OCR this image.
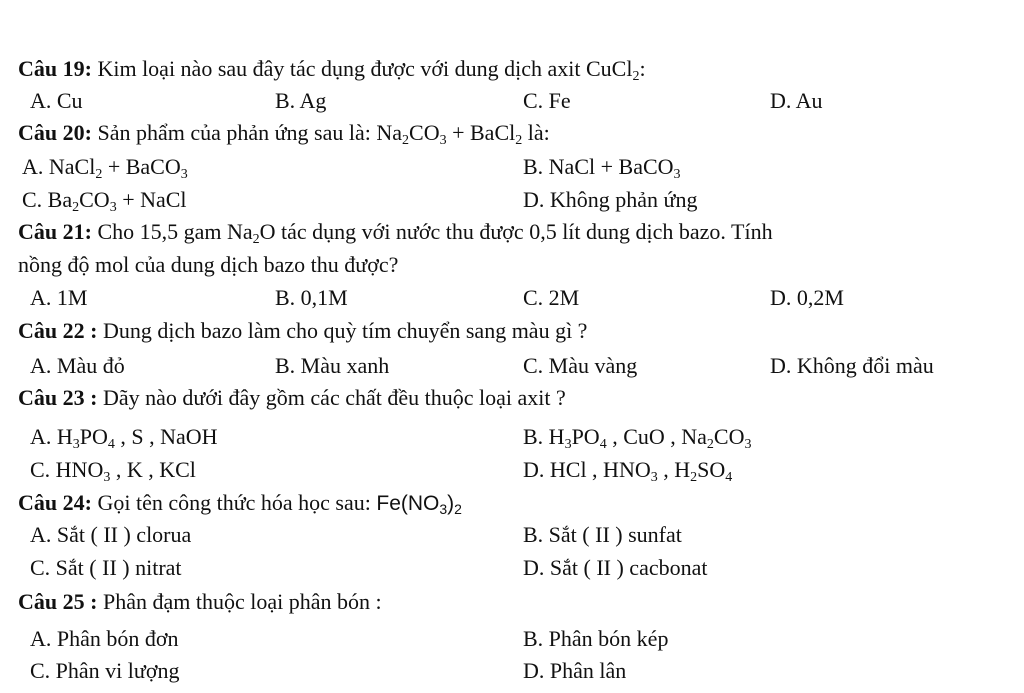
Câu 19: Kim loại nào sau đây tác dụng được với dung dịch axit CuCl$_2$:
A. Cu	B. Ag	C. Fe	D. Au
Câu 20: Sản phẩm của phản ứng sau là: $Na_2CO_3$ + BaCl$_2$ là:
A. NaCl$_2$ + BaCO$_3$	B. NaCl + BaCO$_3$
C. $Ba_2CO_3$ + NaCl	D. Không phản ứng
Câu 21: Cho 15,5 gam $Na_2O$ tác dụng với nước thu được 0,5 lít dung dịch bazo. Tính
nồng độ mol của dung dịch bazo thu được?
A. 1M	B. 0,1M	C. 2M	D. 0,2M
Câu 22 : Dung dịch bazo làm cho quỳ tím chuyển sang màu gì ?
A. Màu đỏ	B. Màu xanh	C. Màu vàng	D. Không đổi màu
Câu 23 : Dãy nào dưới đây gồm các chất đều thuộc loại axit ?
A. $H_3PO_4$ , S , NaOH	B. $H_3PO_4$ , CuO , $Na_2CO_3$
C. $HNO_3$ , K , KCl	D. HCl , $HNO_3$ , $H_2SO_4$
Câu 24: Gọi tên công thức hóa học sau: $Fe(NO_3)_2$
A. Sắt ( II ) clorua	B. Sắt ( II ) sunfat
C. Sắt ( II ) nitrat	D. Sắt ( II ) cacbonat
Câu 25 : Phân đạm thuộc loại phân bón :
A. Phân bón đơn	B. Phân bón kép
C. Phân vi lượng	D. Phân lân
